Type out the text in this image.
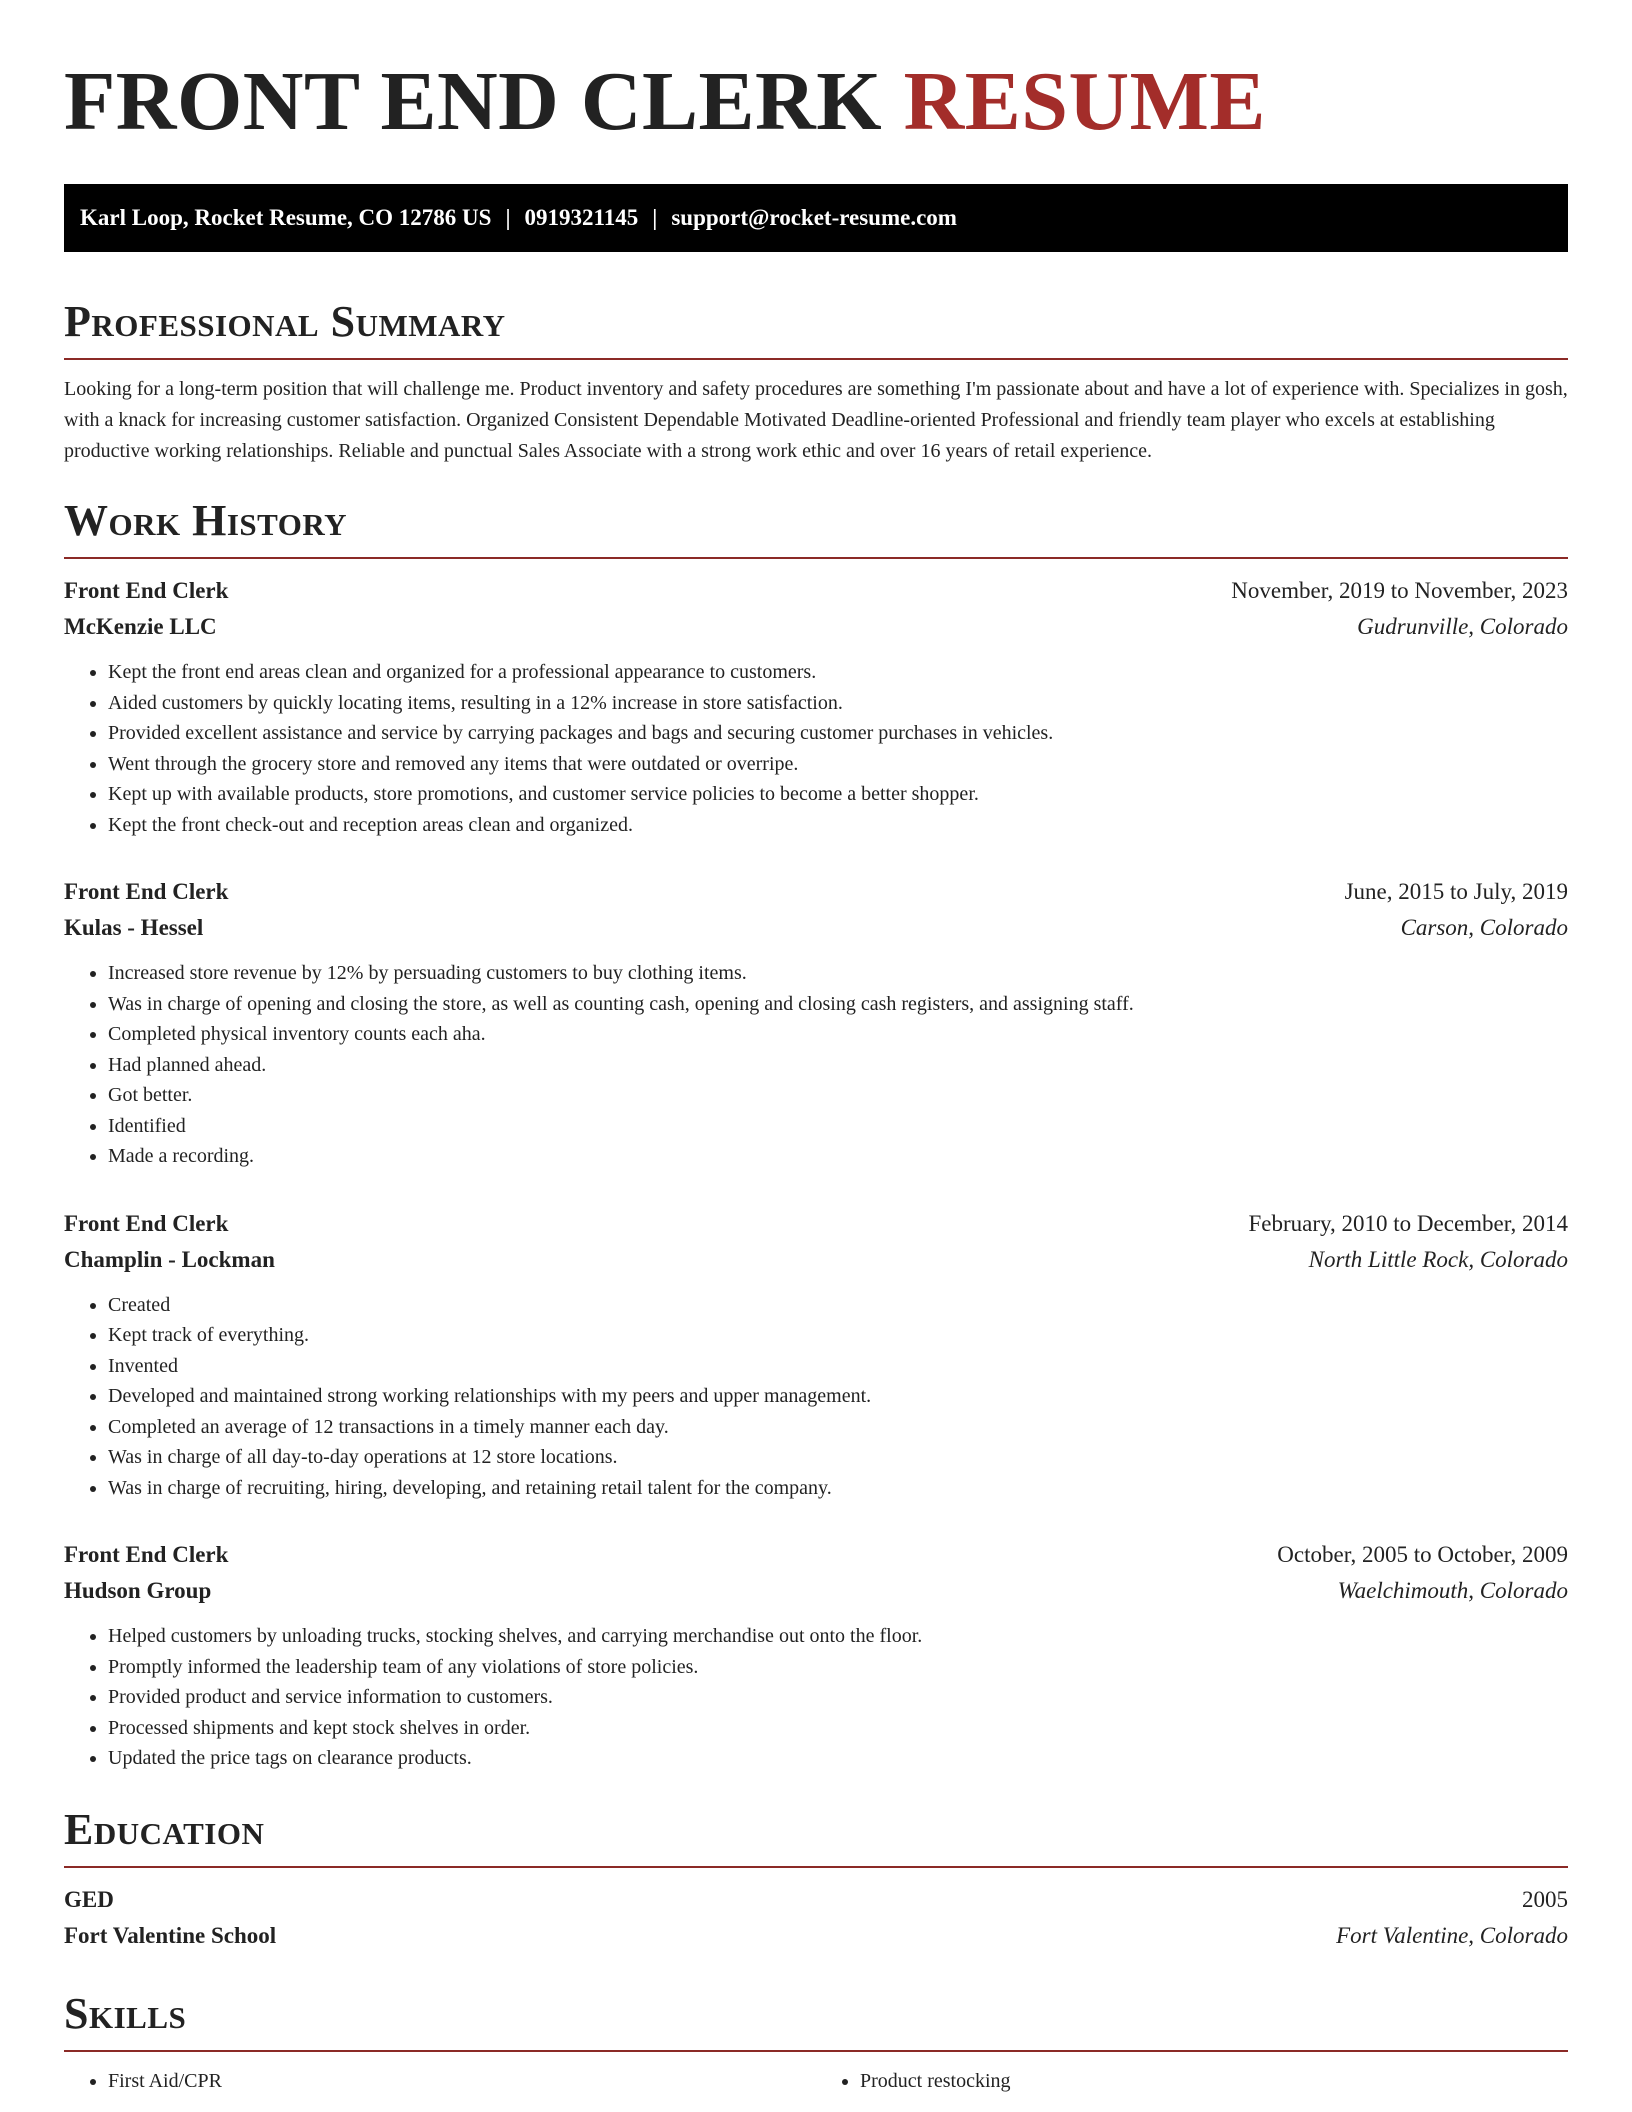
FRONT END CLERK RESUME
Karl Loop, Rocket Resume, CO 12786 US | 0919321145 | support@rocket-resume.com
Professional Summary

Looking for a long-term position that will challenge me. Product inventory and safety procedures are something I'm passionate about and have a lot of experience with. Specializes in gosh, with a knack for increasing customer satisfaction. Organized Consistent Dependable Motivated Deadline-oriented Professional and friendly team player who excels at establishing productive working relationships. Reliable and punctual Sales Associate with a strong work ethic and over 16 years of retail experience.

Work History
Front End Clerk	November, 2019 to November, 2023
McKenzie LLC	Gudrunville, Colorado
• Kept the front end areas clean and organized for a professional appearance to customers.
• Aided customers by quickly locating items, resulting in a 12% increase in store satisfaction.
• Provided excellent assistance and service by carrying packages and bags and securing customer purchases in vehicles.
• Went through the grocery store and removed any items that were outdated or overripe.
• Kept up with available products, store promotions, and customer service policies to become a better shopper.
• Kept the front check-out and reception areas clean and organized.
Front End Clerk	June, 2015 to July, 2019
Kulas - Hessel	Carson, Colorado
• Increased store revenue by 12% by persuading customers to buy clothing items.
• Was in charge of opening and closing the store, as well as counting cash, opening and closing cash registers, and assigning staff.
• Completed physical inventory counts each aha.
• Had planned ahead.
• Got better.
• Identified
• Made a recording.
Front End Clerk	February, 2010 to December, 2014
Champlin - Lockman	North Little Rock, Colorado
• Created
• Kept track of everything.
• Invented
• Developed and maintained strong working relationships with my peers and upper management.
• Completed an average of 12 transactions in a timely manner each day.
• Was in charge of all day-to-day operations at 12 store locations.
• Was in charge of recruiting, hiring, developing, and retaining retail talent for the company.
Front End Clerk	October, 2005 to October, 2009
Hudson Group	Waelchimouth, Colorado
• Helped customers by unloading trucks, stocking shelves, and carrying merchandise out onto the floor.
• Promptly informed the leadership team of any violations of store policies.
• Provided product and service information to customers.
• Processed shipments and kept stock shelves in order.
• Updated the price tags on clearance products.
Education
GED	2005
Fort Valentine School	Fort Valentine, Colorado
Skills
• First Aid/CPR
•	Product restocking
